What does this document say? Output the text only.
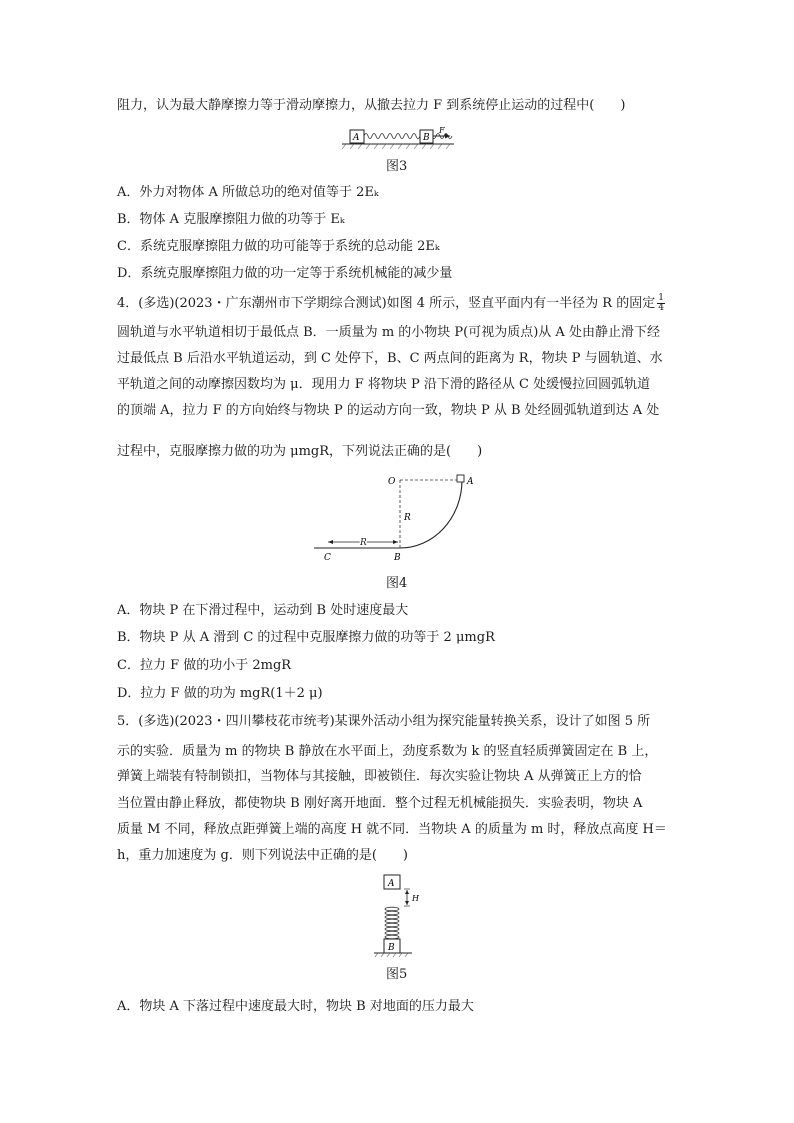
阻力，认为最大静摩擦力等于滑动摩擦力，从撤去拉力 F 到系统停止运动的过程中(　　)
A	B
F
图3
A．外力对物体 A 所做总功的绝对值等于 2Eₖ
B．物体 A 克服摩擦阻力做的功等于 Eₖ
C．系统克服摩擦阻力做的功可能等于系统的总动能 2Eₖ
D．系统克服摩擦阻力做的功一定等于系统机械能的减少量
4．(多选)(2023・广东潮州市下学期综合测试)如图 4 所示，竖直平面内有一半径为 R 的固定 $\frac{1}{4}$
圆轨道与水平轨道相切于最低点 B．一质量为 m 的小物块 P(可视为质点)从 A 处由静止滑下经
过最低点 B 后沿水平轨道运动，到 C 处停下，B、C 两点间的距离为 R，物块 P 与圆轨道、水
平轨道之间的动摩擦因数均为 μ．现用力 F 将物块 P 沿下滑的路径从 C 处缓慢拉回圆弧轨道
的顶端 A，拉力 F 的方向始终与物块 P 的运动方向一致，物块 P 从 B 处经圆弧轨道到达 A 处
过程中，克服摩擦力做的功为 μmgR，下列说法正确的是(　　)
O	A
R
R
B
C
图4
A．物块 P 在下滑过程中，运动到 B 处时速度最大
B．物块 P 从 A 滑到 C 的过程中克服摩擦力做的功等于 2 μmgR
C．拉力 F 做的功小于 2mgR
D．拉力 F 做的功为 mgR(1＋2 μ)
5．(多选)(2023・四川攀枝花市统考)某课外活动小组为探究能量转换关系，设计了如图 5 所
示的实验．质量为 m 的物块 B 静放在水平面上，劲度系数为 k 的竖直轻质弹簧固定在 B 上，
弹簧上端装有特制锁扣，当物体与其接触，即被锁住．每次实验让物块 A 从弹簧正上方的恰
当位置由静止释放，都使物块 B 刚好离开地面．整个过程无机械能损失．实验表明，物块 A
质量 M 不同，释放点距弹簧上端的高度 H 就不同．当物块 A 的质量为 m 时，释放点高度 H＝
h，重力加速度为 g．则下列说法中正确的是(　　)
A
H
B
图5
A．物块 A 下落过程中速度最大时，物块 B 对地面的压力最大
